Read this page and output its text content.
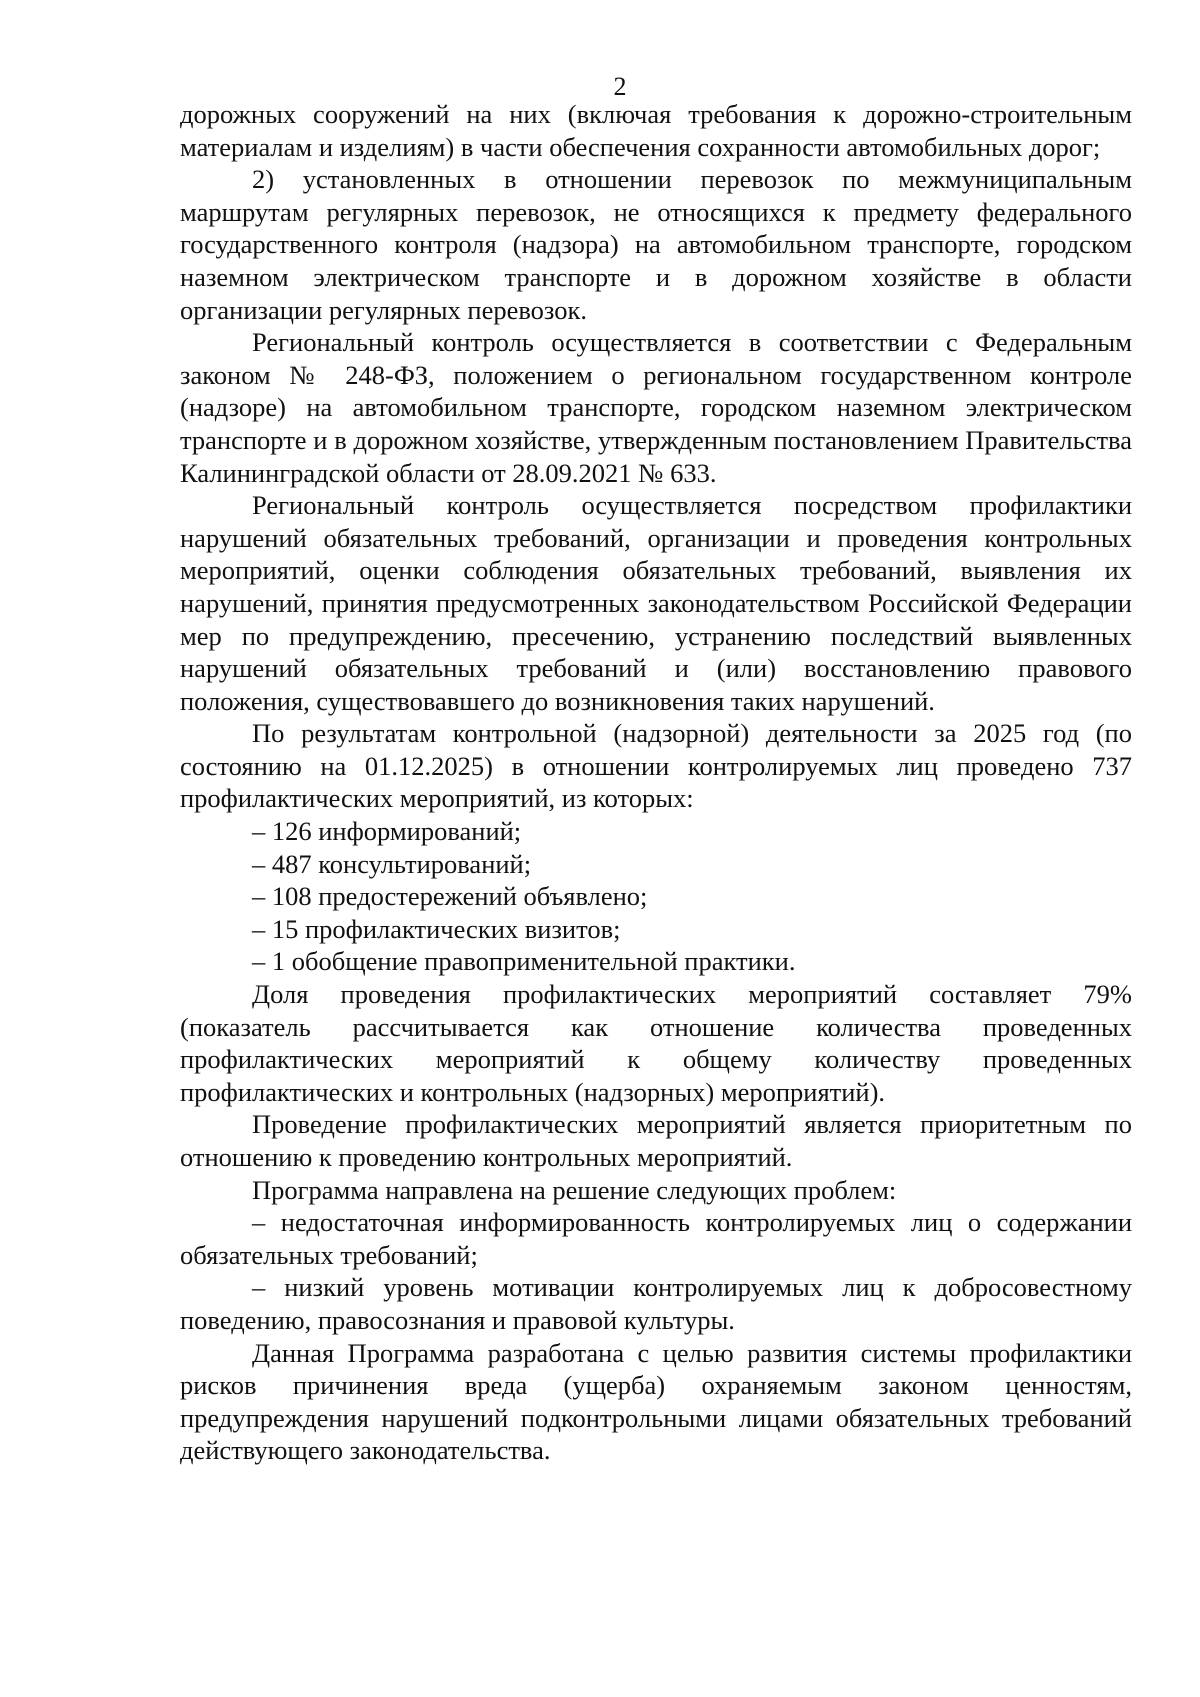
2

дорожных сооружений на них (включая требования к дорожно-строительным материалам и изделиям) в части обеспечения сохранности автомобильных дорог;

2) установленных в отношении перевозок по межмуниципальным маршрутам регулярных перевозок, не относящихся к предмету федерального государственного контроля (надзора) на автомобильном транспорте, городском наземном электрическом транспорте и в дорожном хозяйстве в области организации регулярных перевозок.

Региональный контроль осуществляется в соответствии с Федеральным законом № 248-ФЗ, положением о региональном государственном контроле (надзоре) на автомобильном транспорте, городском наземном электрическом транспорте и в дорожном хозяйстве, утвержденным постановлением Правительства Калининградской области от 28.09.2021 № 633.

Региональный контроль осуществляется посредством профилактики нарушений обязательных требований, организации и проведения контрольных мероприятий, оценки соблюдения обязательных требований, выявления их нарушений, принятия предусмотренных законодательством Российской Федерации мер по предупреждению, пресечению, устранению последствий выявленных нарушений обязательных требований и (или) восстановлению правового положения, существовавшего до возникновения таких нарушений.

По результатам контрольной (надзорной) деятельности за 2025 год (по состоянию на 01.12.2025) в отношении контролируемых лиц проведено 737 профилактических мероприятий, из которых:

– 126 информирований;

– 487 консультирований;

– 108 предостережений объявлено;

– 15 профилактических визитов;

– 1 обобщение правоприменительной практики.

Доля проведения профилактических мероприятий составляет 79% (показатель рассчитывается как отношение количества проведенных профилактических мероприятий к общему количеству проведенных профилактических и контрольных (надзорных) мероприятий).

Проведение профилактических мероприятий является приоритетным по отношению к проведению контрольных мероприятий.

Программа направлена на решение следующих проблем:

– недостаточная информированность контролируемых лиц о содержании обязательных требований;

– низкий уровень мотивации контролируемых лиц к добросовестному поведению, правосознания и правовой культуры.

Данная Программа разработана с целью развития системы профилактики рисков причинения вреда (ущерба) охраняемым законом ценностям, предупреждения нарушений подконтрольными лицами обязательных требований действующего законодательства.
